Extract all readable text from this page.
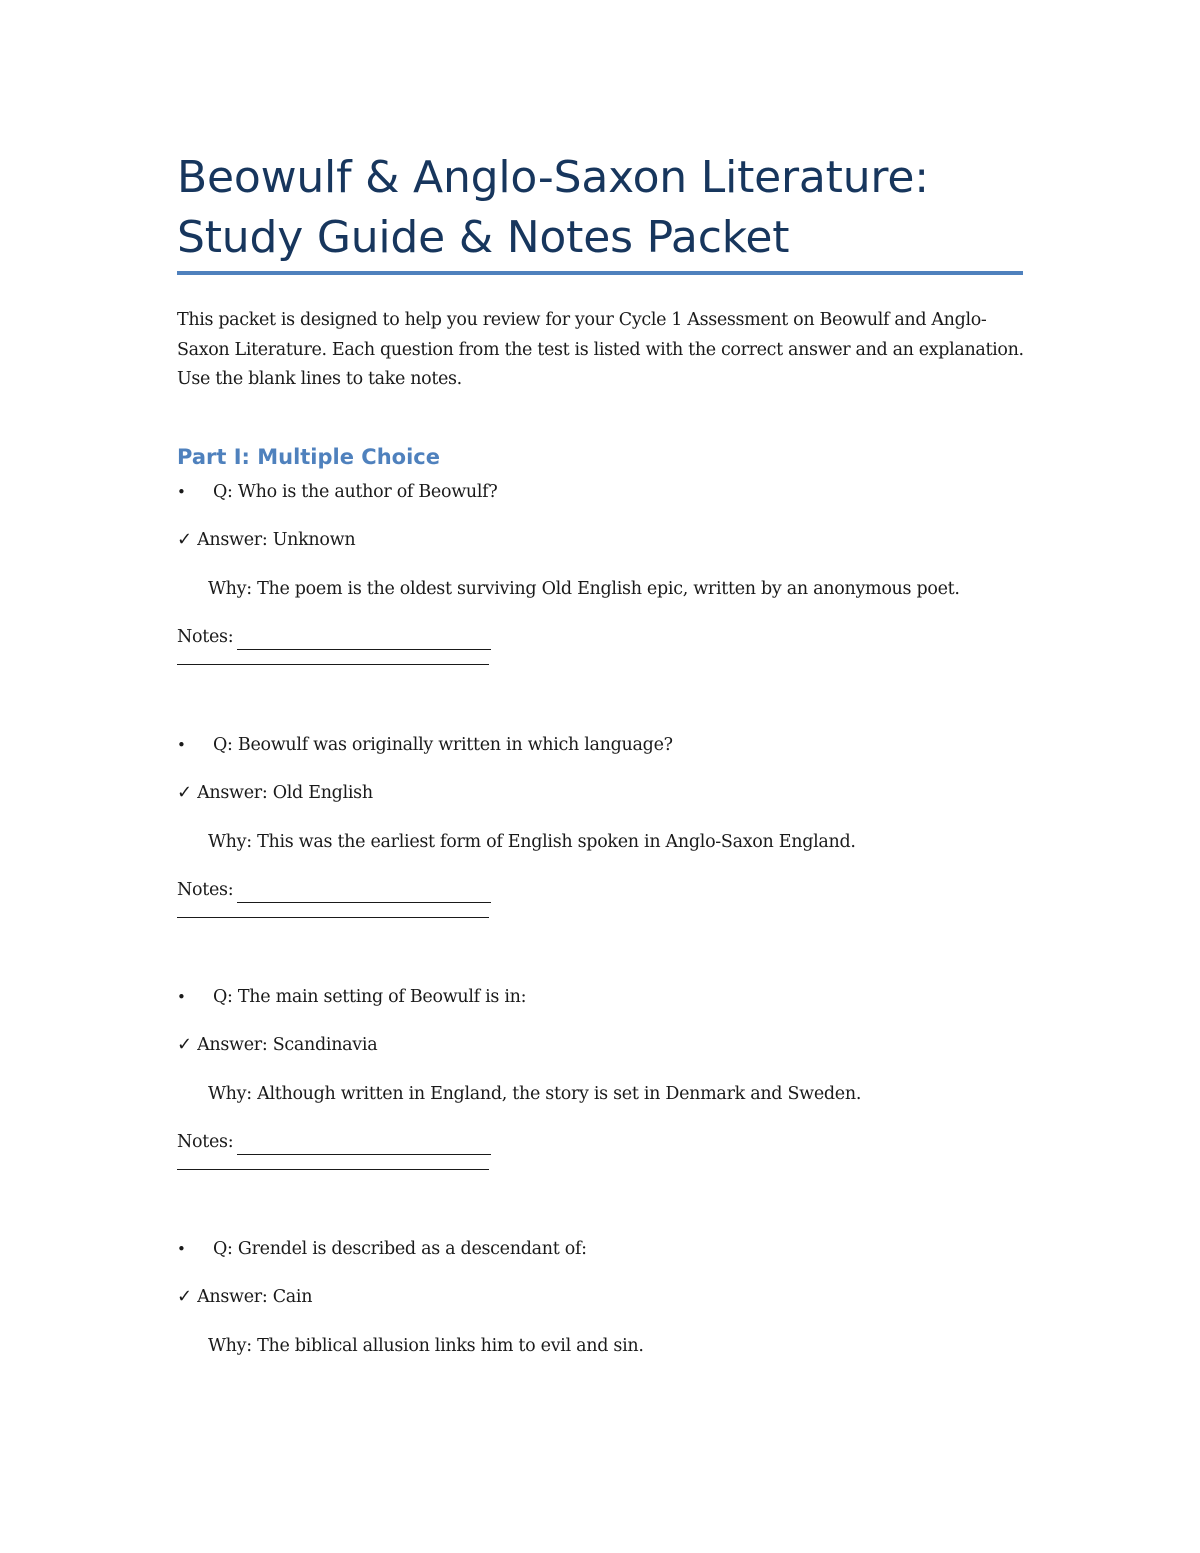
Beowulf & Anglo-Saxon Literature:
Study Guide & Notes Packet

This packet is designed to help you review for your Cycle 1 Assessment on Beowulf and Anglo-Saxon Literature. Each question from the test is listed with the correct answer and an explanation. Use the blank lines to take notes.

Part I: Multiple Choice
• Q: Who is the author of Beowulf?
✓ Answer: Unknown
Why: The poem is the oldest surviving Old English epic, written by an anonymous poet.
Notes:
• Q: Beowulf was originally written in which language?
✓ Answer: Old English
Why: This was the earliest form of English spoken in Anglo-Saxon England.
Notes:
• Q: The main setting of Beowulf is in:
✓ Answer: Scandinavia
Why: Although written in England, the story is set in Denmark and Sweden.
Notes:
• Q: Grendel is described as a descendant of:
✓ Answer: Cain
Why: The biblical allusion links him to evil and sin.
